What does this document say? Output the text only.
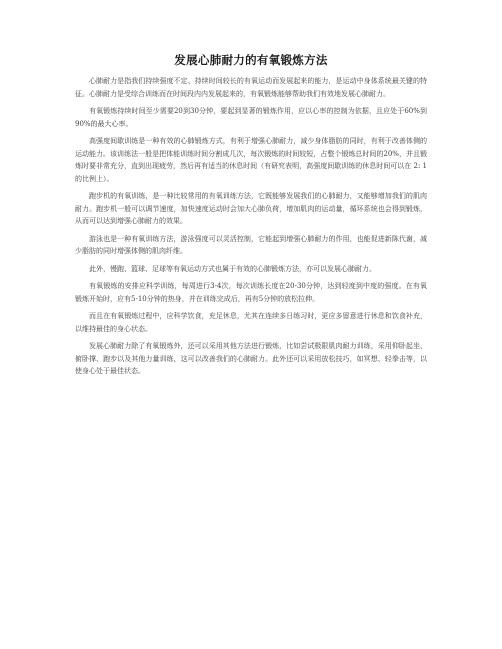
发展心肺耐力的有氧锻炼方法

心肺耐力是指我们持续强度不定、持续时间较长的有氧运动而发展起来的能力，是运动中身体系统最关键的特征。心肺耐力是受综合训练而在时间段内内发展起来的，有氧锻炼能够帮助我们有效地发展心肺耐力。

有氧锻炼持续时间至少需要20到30分钟，要起到显著的锻炼作用，应以心率的控制为依据，且应处于60%到90%的最大心率。

高强度间歇训练是一种有效的心肺锻炼方式，有利于增强心肺耐力，减少身体脂肪的同时，有利于改善体侧的运动能力。该训练法一般是把体能训练时间分割成几次，每次锻炼的时间较短，占整个锻炼总时间的20%，并且锻炼时要非常充分，直到出现疲劳，然后再有适当的休息时间（有研究表明，高强度间歇训练的休息时间可以在 2: 1 的比例上）。

跑步机的有氧训练，是一种比较常用的有氧训练方法，它既能够发展我们的心肺耐力，又能够增加我们的肌肉耐力。跑步机一般可以调节速度，加快速度运动时会加大心肺负荷，增加肌肉的运动量，循环系统也会得到锻炼，从而可以达到增强心肺耐力的效果。

游泳也是一种有氧训练方法，游泳强度可以灵活控制，它能起到增强心肺耐力的作用，也能促进新陈代谢，减少脂肪的同时增强体侧的肌肉纤维。

此外，慢跑、篮球、足球等有氧运动方式也属于有效的心肺锻炼方法，亦可以发展心肺耐力。

有氧锻炼的安排应科学训练，每周进行3-4次，每次训练长度在20-30分钟，达到轻度到中度的强度。在有氧锻炼开始时，应有5-10分钟的热身，并在训练完成后，再有5分钟的放松拉伸。

而且在有氧锻炼过程中，应科学饮食，充足休息，尤其在连续多日练习时，更应多留意进行休息和饮食补充，以维持最佳的身心状态。

发展心肺耐力除了有氧锻炼外，还可以采用其他方法进行锻炼，比如尝试极限肌肉耐力训练，采用仰卧起坐、俯卧撑、跑步以及其他力量训练，这可以改善我们的心肺耐力。此外还可以采用放松技巧，如冥想、轻拳击等，以使身心处于最佳状态。
